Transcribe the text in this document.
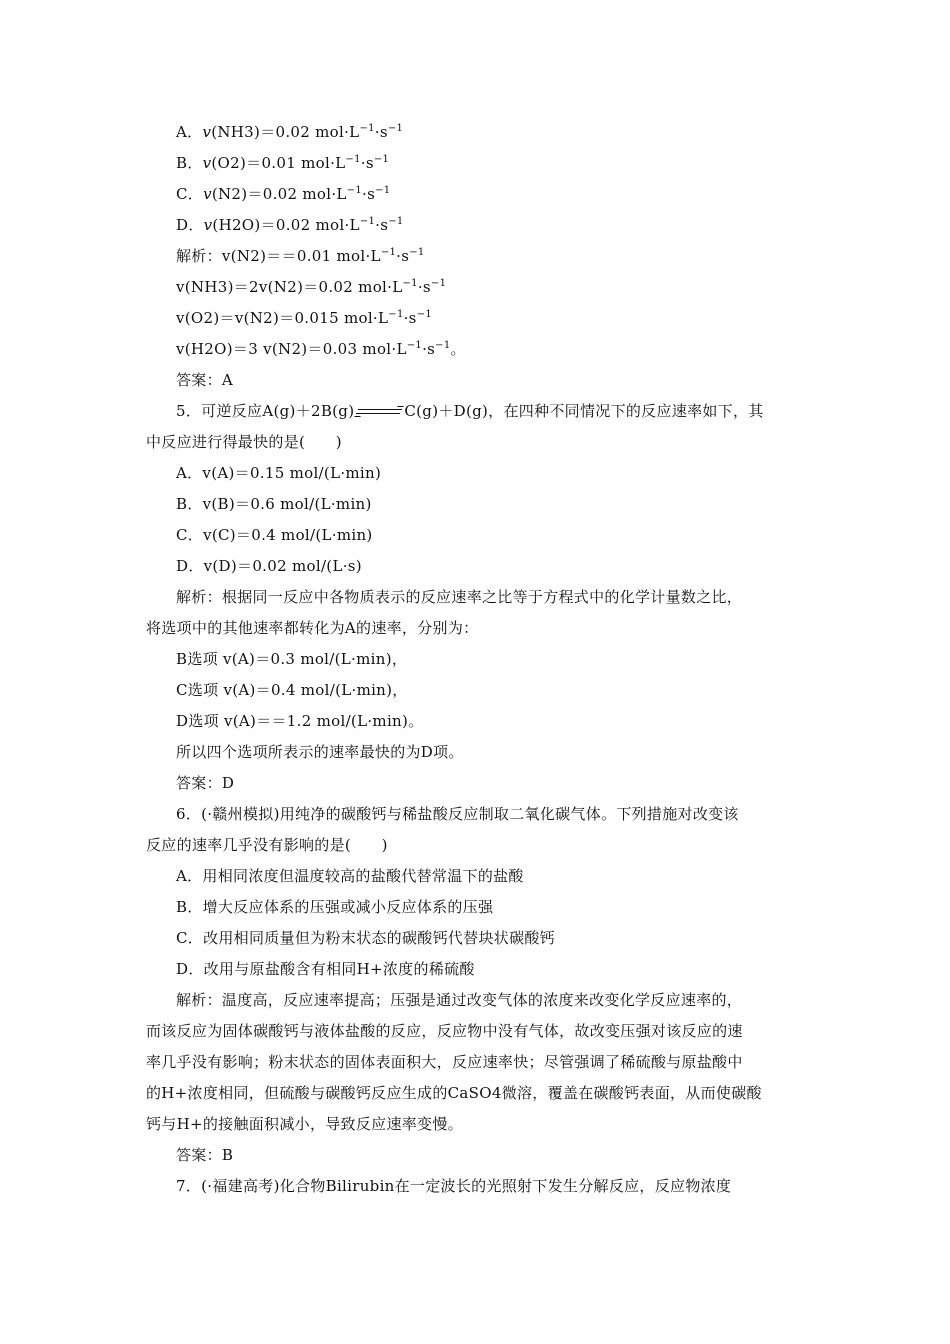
A．v(NH3)＝0.02 $mol\cdot L^{-1}\cdot s^{-1}$
B．v(O2)＝0.01 $mol\cdot L^{-1}\cdot s^{-1}$
C．v(N2)＝0.02 $mol\cdot L^{-1}\cdot s^{-1}$
D．v(H2O)＝0.02 $mol\cdot L^{-1}\cdot s^{-1}$
解析：v(N2)＝＝0.01 $mol\cdot L^{-1}\cdot s^{-1}$
v(NH3)＝2v(N2)＝0.02 $mol\cdot L^{-1}\cdot s^{-1}$
v(O2)＝v(N2)＝0.015 $mol\cdot L^{-1}\cdot s^{-1}$
v(H2O)＝3 v(N2)＝0.03 $mol\cdot L^{-1}\cdot s^{-1}$。
答案：A
5．可逆反应A(g)＋2B(g) → C(g)＋D(g)，在四种不同情况下的反应速率如下，其
中反应进行得最快的是(　　)
A．v(A)＝0.15 mol/(L·min)
B．v(B)＝0.6 mol/(L·min)
C．v(C)＝0.4 mol/(L·min)
D．v(D)＝0.02 mol/(L·s)
解析：根据同一反应中各物质表示的反应速率之比等于方程式中的化学计量数之比，
将选项中的其他速率都转化为A的速率，分别为：
B选项 v(A)＝0.3 mol/(L·min)，
C选项 v(A)＝0.4 mol/(L·min)，
D选项 v(A)＝＝1.2 mol/(L·min)。
所以四个选项所表示的速率最快的为D项。
答案：D
6．(·赣州模拟)用纯净的碳酸钙与稀盐酸反应制取二氧化碳气体。下列措施对改变该
反应的速率几乎没有影响的是(　　)
A．用相同浓度但温度较高的盐酸代替常温下的盐酸
B．增大反应体系的压强或减小反应体系的压强
C．改用相同质量但为粉末状态的碳酸钙代替块状碳酸钙
D．改用与原盐酸含有相同H+浓度的稀硫酸
解析：温度高，反应速率提高；压强是通过改变气体的浓度来改变化学反应速率的，
而该反应为固体碳酸钙与液体盐酸的反应，反应物中没有气体，故改变压强对该反应的速
率几乎没有影响；粉末状态的固体表面积大，反应速率快；尽管强调了稀硫酸与原盐酸中
的H+浓度相同，但硫酸与碳酸钙反应生成的CaSO4微溶，覆盖在碳酸钙表面，从而使碳酸
钙与H+的接触面积减小，导致反应速率变慢。
答案：B
7．(·福建高考)化合物Bilirubin在一定波长的光照射下发生分解反应，反应物浓度
